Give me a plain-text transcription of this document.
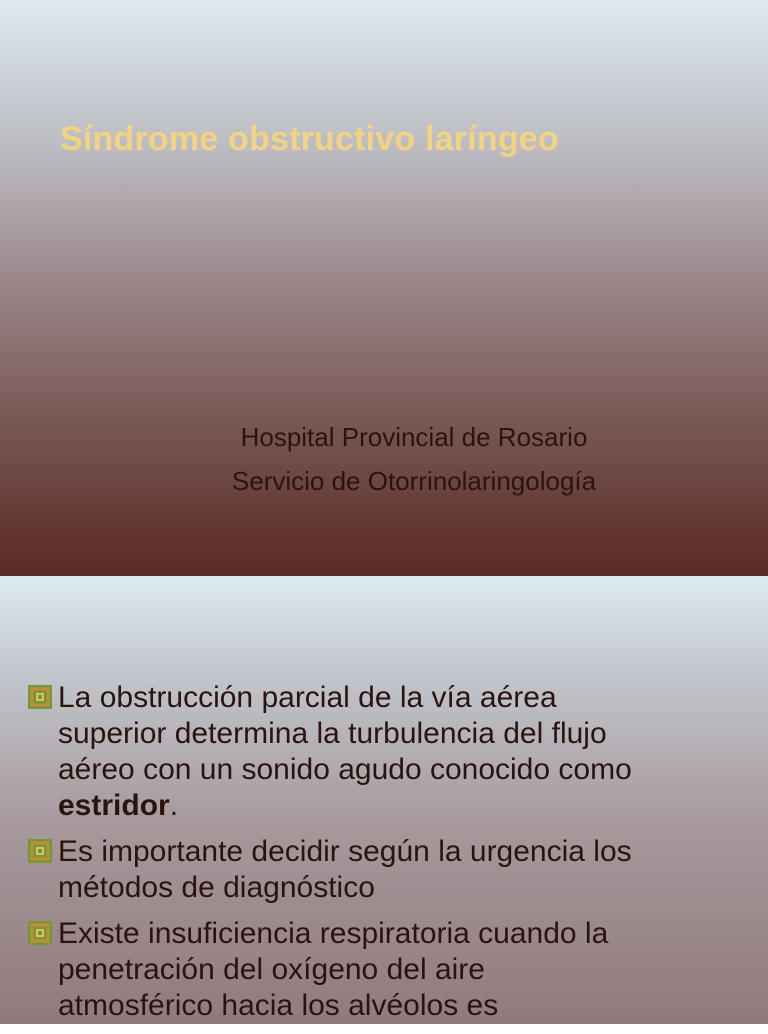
Síndrome obstructivo laríngeo
Hospital Provincial de Rosario
Servicio de Otorrinolaringología
La obstrucción parcial de la vía aérea superior determina la turbulencia del flujo aéreo con un sonido agudo conocido como estridor.
Es importante decidir según la urgencia los métodos de diagnóstico
Existe insuficiencia respiratoria cuando la penetración del oxígeno del aire atmosférico hacia los alvéolos es
